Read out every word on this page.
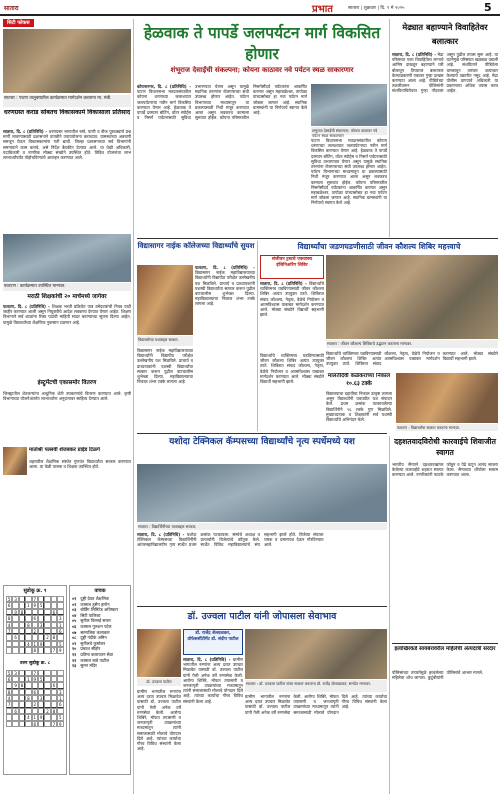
सातारा	प्रभात	सातारा | शुक्रवार | दि. ९ मे २०२५	5
सिटी फोकस
सातारा : पाटण तालुक्यातील कार्यक्रमात मार्गदर्शन करताना मा. मंत्री.
धरणग्रस्त कराड सोबतच विकासकामे विकासाला प्रतिसाद
सातारा, दि. ८ (प्रतिनिधि) - धरणग्रस्त भागातील रस्ते, पाणी व वीज पुरवठ्याचे प्रश्न मार्गी लावण्यासाठी प्रशासनाने तातडीने उपाययोजना कराव्यात. ग्रामस्थांच्या अडचणी समजून घेऊन विकासकामांना गती द्यावी. जिल्हा प्रशासनाच्या सर्व विभागांनी समन्वयाने काम करावे, असे निर्देश बैठकीत देण्यात आले. या वेळी अधिकारी, पदाधिकारी व नागरिक मोठ्या संख्येने उपस्थित होते. विविध योजनांचा लाभ लाभार्थ्यांपर्यंत पोहोचविण्याचे आवाहन करण्यात आले.
फलटण : कार्यक्रमात उपस्थित मान्यवर.
मराठी शिक्षकांची २० मार्चमध्ये जागेवर
फलटण, दि. ८ (प्रतिनिधि) - शिक्षक भरती प्रक्रियेत पात्र उमेदवारांची निवड यादी जाहीर करण्यात आली असून नियुक्तीचे आदेश लवकरच देण्यात येणार आहेत. शिक्षण विभागाने सर्व शाळांना रिक्त पदांची माहिती सादर करण्याच्या सूचना दिल्या आहेत. यामुळे विद्यार्थ्यांच्या शैक्षणिक नुकसान टळणार आहे.
इंस्ट्रुमेंटची एकासमोर वितरण
जिल्ह्यातील शेतकऱ्यांना आधुनिक शेती उपकरणांचे वितरण करण्यात आले. कृषी विभागाच्या योजनेअंतर्गत लाभार्थ्यांना अनुदानावर साहित्य देण्यात आले.
मातोश्री पल्लवी शेजबकर प्राईड टिळगे
शहरातील शैक्षणिक संस्थेत गुणवंत विद्यार्थ्यांचा सत्कार करण्यात आला. या वेळी पालक व शिक्षक उपस्थित होते.
सुडोकू क्र. ९
5 3	7
6	1 9 5
9 8	6
8	6	3
4	8	3	1
7	2	6
6	2 8
4 1 9	5
8	7 9
उत्तर सुडोकू क्र. ८
5 3	7
6	1 9 5
9 8	6
8	6	3
4	8	3	1
7	2	6
6	2 8
4 1 9	5
8	7 9
वाचक
०१ दुष्ट्री देवत शैक्षणिक
०२ कामाल हुसैन हारोन
०३ बोर्डिंग लिमिटेड अविष्कार
०४ सिटी पालिका
०५ सुनील पिल्लई सत्तार
०६ कामाल गुलशन पटेल
०७ सामाजिक कलाकार
०८ दुष्ट्री नंदीके अमिन
०९ सुनीलचे कुर्माकर
१० प्रकाश सीहोर
११ प्रतिमा कलायतन सेठा
१२ कामाल बाडे पाटील
१३ सुमन मंदिर
हेळवाक ते पापर्डे जलपर्यटन मार्ग विकसित होणार
शंभूराज देसाईंची संकल्पना; कोयना काठावर नवे पर्यटन स्थळ साकारणार
कोयनानगर, दि. ८ (प्रतिनिधि) - पाटण विधानसभा मतदारसंघातील कोयना धरणाच्या जलाशयात जलपर्यटनाचा नवीन मार्ग विकसित करण्यात येणार आहे. हेळवाक ते पापर्डे दरम्यान बोटिंग, वॉटर स्पोर्ट्स व निसर्ग पर्यटनासाठी सुविधा उभारण्यात येणार असून यामुळे स्थानिक तरुणांना रोजगाराच्या संधी उपलब्ध होणार आहेत. पर्यटन विभागाच्या माध्यमातून या प्रकल्पासाठी निधी मंजूर करण्यात आला असून लवकरच कामाला सुरुवात होईल. कोयना परिसरातील निसर्गसौंदर्य पर्यटकांना आकर्षित करणार असून महाबळेश्वर, तापोळा यांच्यासोबत हा नवा पर्यटन मार्ग जोडला जाणार आहे. स्थानिक ग्रामस्थांनी या निर्णयाचे स्वागत केले आहे.
शंभूराज देसाईंची संकल्पना; कोयना काठावर नवे पर्यटन स्थळ साकारणार
पाटण विधानसभा मतदारसंघातील कोयना धरणाच्या जलाशयात जलपर्यटनाचा नवीन मार्ग विकसित करण्यात येणार आहे. हेळवाक ते पापर्डे दरम्यान बोटिंग, वॉटर स्पोर्ट्स व निसर्ग पर्यटनासाठी सुविधा उभारण्यात येणार असून यामुळे स्थानिक तरुणांना रोजगाराच्या संधी उपलब्ध होणार आहेत. पर्यटन विभागाच्या माध्यमातून या प्रकल्पासाठी निधी मंजूर करण्यात आला असून लवकरच कामाला सुरुवात होईल. कोयना परिसरातील निसर्गसौंदर्य पर्यटकांना आकर्षित करणार असून महाबळेश्वर, तापोळा यांच्यासोबत हा नवा पर्यटन मार्ग जोडला जाणार आहे. स्थानिक ग्रामस्थांनी या निर्णयाचे स्वागत केले आहे.
मेढ्यात बहाण्याने विवाहितेवर बलात्कार
सातारा, दि. ८ (प्रतिनिधि) - मेढा परिसरात एका विवाहितेला लग्नाचे आमिष दाखवून बहाण्याने घरी बोलावून तिच्यावर बलात्कार केल्याप्रकरणी एकावर गुन्हा दाखल करण्यात आला आहे. पीडितेच्या तक्रारीवरून पोलिसांनी संशयिताविरोधात गुन्हा नोंदवला असून पुढील तपास सुरू आहे. या घटनेमुळे परिसरात खळबळ उडाली आहे. संशयिताने पीडितेला धमकावून वारंवार अत्याचार केल्याचे तक्रारीत नमूद आहे. मेढा पोलीस ठाण्याचे अधिकारी या प्रकरणाचा अधिक तपास करत आहेत.
विद्यासागर नाईक कॉलेजच्या विद्यार्थ्यांचे सुयश
विद्यार्थ्यांच्या यशाबद्दल सत्कार.
फलटण, दि. ८ (प्रतिनिधि) - विद्यासागर नाईक महाविद्यालयाच्या विद्यार्थ्यांनी विद्यापीठ परीक्षेत उल्लेखनीय यश मिळविले. प्राचार्य व प्राध्यापकांनी यशस्वी विद्यार्थ्यांचा सत्कार करून पुढील वाटचालीस शुभेच्छा दिल्या. महाविद्यालयाचा निकाल शंभर टक्के लागला आहे.
विद्यासागर नाईक महाविद्यालयाच्या विद्यार्थ्यांनी विद्यापीठ परीक्षेत उल्लेखनीय यश मिळविले. प्राचार्य व प्राध्यापकांनी यशस्वी विद्यार्थ्यांचा सत्कार करून पुढील वाटचालीस शुभेच्छा दिल्या. महाविद्यालयाचा निकाल शंभर टक्के लागला आहे.
विद्यार्थ्यांचा जडणघडणीसाठी जीवन कौशल्य शिबिर महत्त्वाचे
संजीवन ट्रस्टचे एकवाक्य इंजिनिअरिंग शिबिर
सातारा, दि. ८ (प्रतिनिधि) - विद्यार्थ्यांचे व्यक्तिमत्त्व घडविण्यासाठी जीवन कौशल्य शिबिर अत्यंत उपयुक्त ठरते. शिबिरात संवाद कौशल्य, नेतृत्व, वेळेचे नियोजन व आत्मविश्वास याबाबत मार्गदर्शन करण्यात आले. मोठ्या संख्येने विद्यार्थी सहभागी झाले.
सातारा : जीवन कौशल्य शिबिराचे उद्घाटन करताना मान्यवर.
विद्यार्थ्यांचे व्यक्तिमत्त्व घडविण्यासाठी जीवन कौशल्य शिबिर अत्यंत उपयुक्त ठरते. शिबिरात संवाद कौशल्य, नेतृत्व, वेळेचे नियोजन व आत्मविश्वास याबाबत मार्गदर्शन करण्यात आले. मोठ्या संख्येने विद्यार्थी सहभागी झाले.
मालतीदेवी कळेकरांच्या निकाल १०.६३ टक्के
विद्यालयाचा दहावीचा निकाल उत्कृष्ट लागला असून विद्यार्थ्यांनी घवघवीत यश संपादन केले. प्रथम क्रमांक पटकावलेल्या विद्यार्थिनीने ९६ टक्के गुण मिळविले. मुख्याध्यापक व शिक्षकांनी सर्व यशस्वी विद्यार्थ्यांचे अभिनंदन केले.
फलटण : विद्यार्थ्यांचा सत्कार करताना मान्यवर.
विद्यार्थ्यांचे व्यक्तिमत्त्व घडविण्यासाठी जीवन कौशल्य शिबिर अत्यंत उपयुक्त ठरते. शिबिरात संवाद कौशल्य, नेतृत्व, वेळेचे नियोजन व आत्मविश्वास याबाबत मार्गदर्शन करण्यात आले. मोठ्या संख्येने विद्यार्थी सहभागी झाले.
यशोदा टेक्निकल कॅम्पसच्या विद्यार्थ्यांचे नृत्य स्पर्धेमध्ये यश
सातारा : विद्यार्थिनींच्या यशाबद्दल सत्कार.
सातारा, दि. ८ (प्रतिनिधि) - यशोदा टेक्निकल कॅम्पसच्या विद्यार्थिनींनी आंतरमहाविद्यालयीन नृत्य स्पर्धेत प्रथम क्रमांक पटकावला. संस्थेचे अध्यक्ष व प्राचार्यांनी विजेत्यांचे कौतुक केले. स्पर्धेत विविध महाविद्यालयांचे संघ सहभागी झाले होते. विजेत्या संघाला चषक व प्रमाणपत्र देऊन गौरविण्यात आले.
दहशतवादविरोधी कारवाईचे शिवाजीत स्वागत
भारतीय सैन्याने दहशतवाद्यांवर केलेल्या कारवाईचे शहरात स्वागत करण्यात आले. नागरिकांनी फटाके फोडून व पेढे वाटून आनंद साजरा केला. सैन्याच्या शौर्याला सलाम करण्यात आला.
इलाखिरकडे सायबरावरील महिलेची अंत्यदात्री सरदार
पोलिसांच्या तत्परतेमुळे हरवलेल्या महिलेचा शोध लागला. कुटुंबीयांनी पोलिसांचे आभार मानले.
डॉ. उज्वला पाटील यांनी जोपासला सेवाभाव
डॉ. उज्वला पाटील
डॉ. राजेंद्र शेलवळकर, प्रोफेसर्सीटीमेंट डॉ. संदीप पाटील
सातारा, दि. ८ (प्रतिनिधि) - ग्रामीण भागातील रुग्णांना अल्प दरात उपचार मिळावेत यासाठी डॉ. उज्वला पाटील यांनी गेली अनेक वर्षे रुग्णसेवा केली. आरोग्य शिबिरे, मोफत तपासणी व जनजागृती उपक्रमांच्या माध्यमातून त्यांनी समाजासाठी मोलाचे योगदान दिले आहे. त्यांच्या कार्याचा गौरव विविध संस्थांनी केला आहे.
सातारा : डॉ. उज्वला पाटील यांचा सत्कार करताना डॉ. राजेंद्र शेलवळकर, समवेत मान्यवर.
ग्रामीण भागातील रुग्णांना अल्प दरात उपचार मिळावेत यासाठी डॉ. उज्वला पाटील यांनी गेली अनेक वर्षे रुग्णसेवा केली. आरोग्य शिबिरे, मोफत तपासणी व जनजागृती उपक्रमांच्या माध्यमातून त्यांनी समाजासाठी मोलाचे योगदान दिले आहे. त्यांच्या कार्याचा गौरव विविध संस्थांनी केला आहे.
ग्रामीण भागातील रुग्णांना अल्प दरात उपचार मिळावेत यासाठी डॉ. उज्वला पाटील यांनी गेली अनेक वर्षे रुग्णसेवा केली. आरोग्य शिबिरे, मोफत तपासणी व जनजागृती उपक्रमांच्या माध्यमातून त्यांनी समाजासाठी मोलाचे योगदान दिले आहे. त्यांच्या कार्याचा गौरव विविध संस्थांनी केला आहे.
